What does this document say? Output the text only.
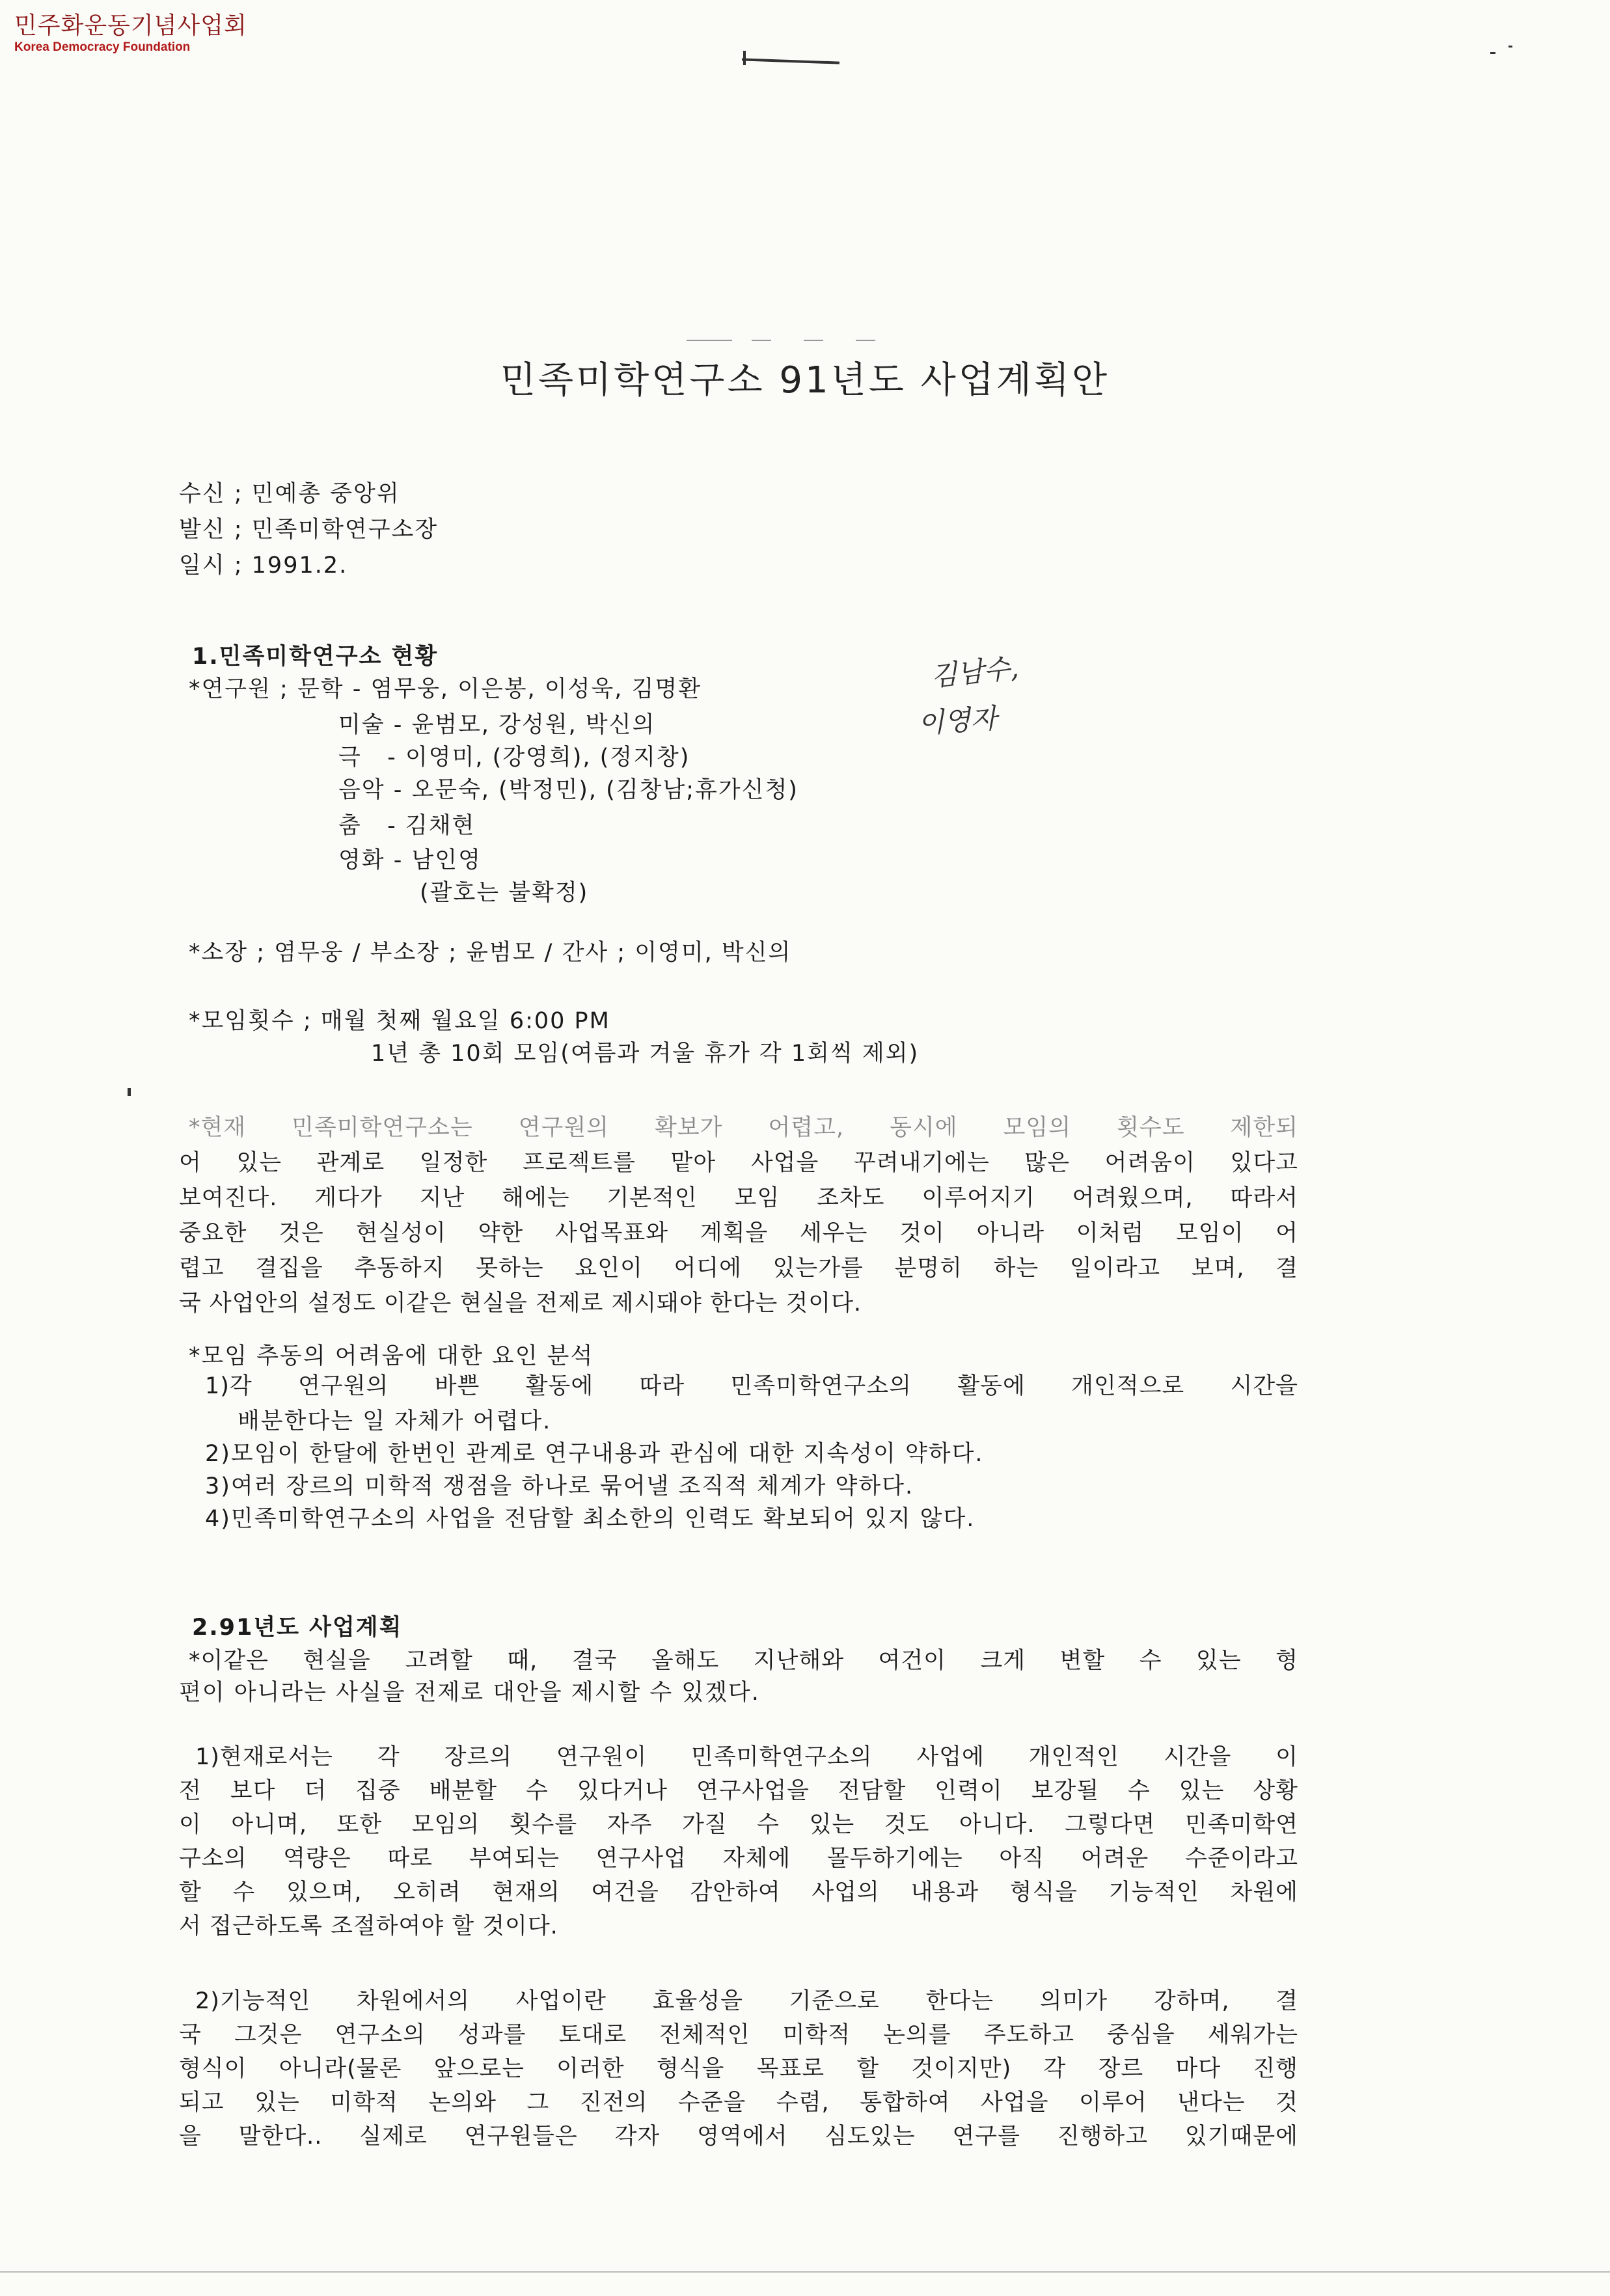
민주화운동기념사업회
Korea Democracy Foundation
민족미학연구소 91년도 사업계획안
수신 ; 민예총 중앙위
발신 ; 민족미학연구소장
일시 ; 1991.2.
1.민족미학연구소 현황
*연구원 ; 문학 - 염무웅, 이은봉, 이성욱, 김명환
미술 - 윤범모, 강성원, 박신의
극   - 이영미, (강영희), (정지창)
음악 - 오문숙, (박정민), (김창남;휴가신청)
춤   - 김채현
영화 - 남인영
(괄호는 불확정)
김남수,
이영자
*소장 ; 염무웅 / 부소장 ; 윤범모 / 간사 ; 이영미, 박신의
*모임횟수 ; 매월 첫째 월요일 6:00 PM
1년 총 10회 모임(여름과 겨울 휴가 각 1회씩 제외)
*현재 민족미학연구소는 연구원의 확보가 어렵고, 동시에 모임의 횟수도 제한되
어 있는 관계로 일정한 프로젝트를 맡아 사업을 꾸려내기에는 많은 어려움이 있다고
보여진다. 게다가 지난 해에는 기본적인 모임 조차도 이루어지기 어려웠으며, 따라서
중요한 것은 현실성이 약한 사업목표와 계획을 세우는 것이 아니라 이처럼 모임이 어
렵고 결집을 추동하지 못하는 요인이 어디에 있는가를 분명히 하는 일이라고 보며, 결
국 사업안의 설정도 이같은 현실을 전제로 제시돼야 한다는 것이다.
*모임 추동의 어려움에 대한 요인 분석
1)각 연구원의 바쁜 활동에 따라 민족미학연구소의 활동에 개인적으로 시간을
배분한다는 일 자체가 어렵다.
2)모임이 한달에 한번인 관계로 연구내용과 관심에 대한 지속성이 약하다.
3)여러 장르의 미학적 쟁점을 하나로 묶어낼 조직적 체계가 약하다.
4)민족미학연구소의 사업을 전담할 최소한의 인력도 확보되어 있지 않다.
2.91년도 사업계획
*이같은 현실을 고려할 때, 결국 올해도 지난해와 여건이 크게 변할 수 있는 형
편이 아니라는 사실을 전제로 대안을 제시할 수 있겠다.
1)현재로서는 각 장르의 연구원이 민족미학연구소의 사업에 개인적인 시간을 이
전 보다 더 집중 배분할 수 있다거나 연구사업을 전담할 인력이 보강될 수 있는 상황
이 아니며, 또한 모임의 횟수를 자주 가질 수 있는 것도 아니다. 그렇다면 민족미학연
구소의 역량은 따로 부여되는 연구사업 자체에 몰두하기에는 아직 어려운 수준이라고
할 수 있으며, 오히려 현재의 여건을 감안하여 사업의 내용과 형식을 기능적인 차원에
서 접근하도록 조절하여야 할 것이다.
2)기능적인 차원에서의 사업이란 효율성을 기준으로 한다는 의미가 강하며, 결
국 그것은 연구소의 성과를 토대로 전체적인 미학적 논의를 주도하고 중심을 세워가는
형식이 아니라(물론 앞으로는 이러한 형식을 목표로 할 것이지만) 각 장르 마다 진행
되고 있는 미학적 논의와 그 진전의 수준을 수렴, 통합하여 사업을 이루어 낸다는 것
을 말한다.. 실제로 연구원들은 각자 영역에서 심도있는 연구를 진행하고 있기때문에
